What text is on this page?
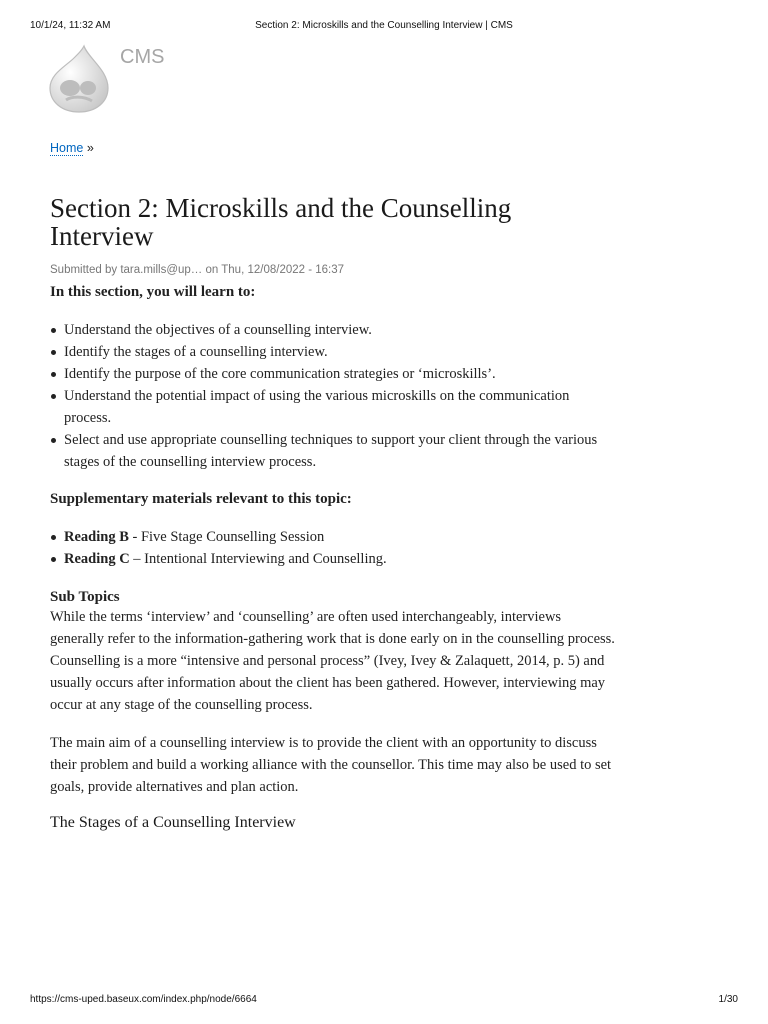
Section 2: Microskills and the Counselling Interview | CMS
10/1/24, 11:32 AM
CMS
Home »
Section 2: Microskills and the Counselling Interview
Submitted by tara.mills@up… on Thu, 12/08/2022 - 16:37
In this section, you will learn to:
Understand the objectives of a counselling interview.
Identify the stages of a counselling interview.
Identify the purpose of the core communication strategies or ‘microskills’.
Understand the potential impact of using the various microskills on the communication process.
Select and use appropriate counselling techniques to support your client through the various stages of the counselling interview process.
Supplementary materials relevant to this topic:
Reading B - Five Stage Counselling Session
Reading C – Intentional Interviewing and Counselling.
Sub Topics

While the terms ‘interview’ and ‘counselling’ are often used interchangeably, interviews generally refer to the information-gathering work that is done early on in the counselling process. Counselling is a more “intensive and personal process” (Ivey, Ivey & Zalaquett, 2014, p. 5) and usually occurs after information about the client has been gathered. However, interviewing may occur at any stage of the counselling process.

The main aim of a counselling interview is to provide the client with an opportunity to discuss their problem and build a working alliance with the counsellor. This time may also be used to set goals, provide alternatives and plan action.

The Stages of a Counselling Interview
https://cms-uped.baseux.com/index.php/node/6664	1/30
